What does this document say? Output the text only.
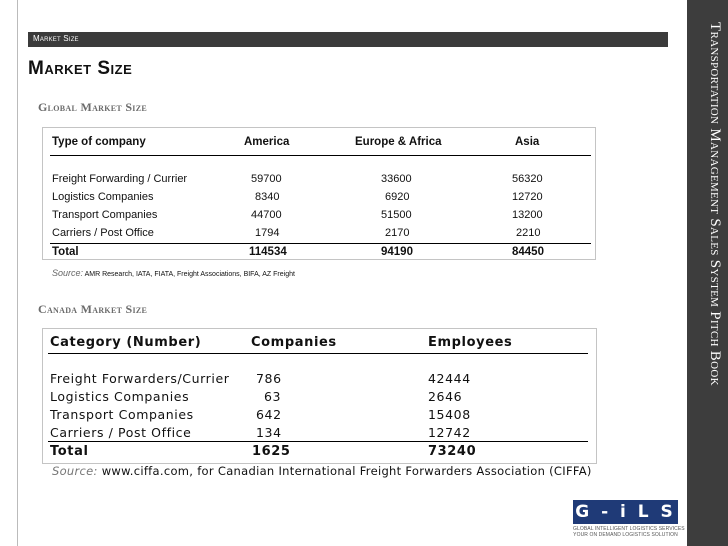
Transportation Management Sales System Pitch Book
Market Size
Market Size
Global Market Size
Type of company	America	Europe & Africa	Asia
Freight Forwarding / Currier	59700	33600	56320
Logistics Companies	8340	6920	12720
Transport Companies	44700	51500	13200
Carriers / Post Office	1794	2170	2210
Total	114534	94190	84450
Source: AMR Research, IATA, FIATA, Freight Associations, BIFA, AZ Freight
Canada Market Size
Category (Number)	Companies	Employees
Freight Forwarders/Currier 786	42444
Logistics Companies	63	2646
Transport Companies	642	15408
Carriers / Post Office	134	12742
Total	1625	73240
Source: www.ciffa.com, for Canadian International Freight Forwarders Association (CIFFA)
G - i L S
GLOBAL INTELLIGENT LOGISTICS SERVICES
YOUR ON DEMAND LOGISTICS SOLUTION
